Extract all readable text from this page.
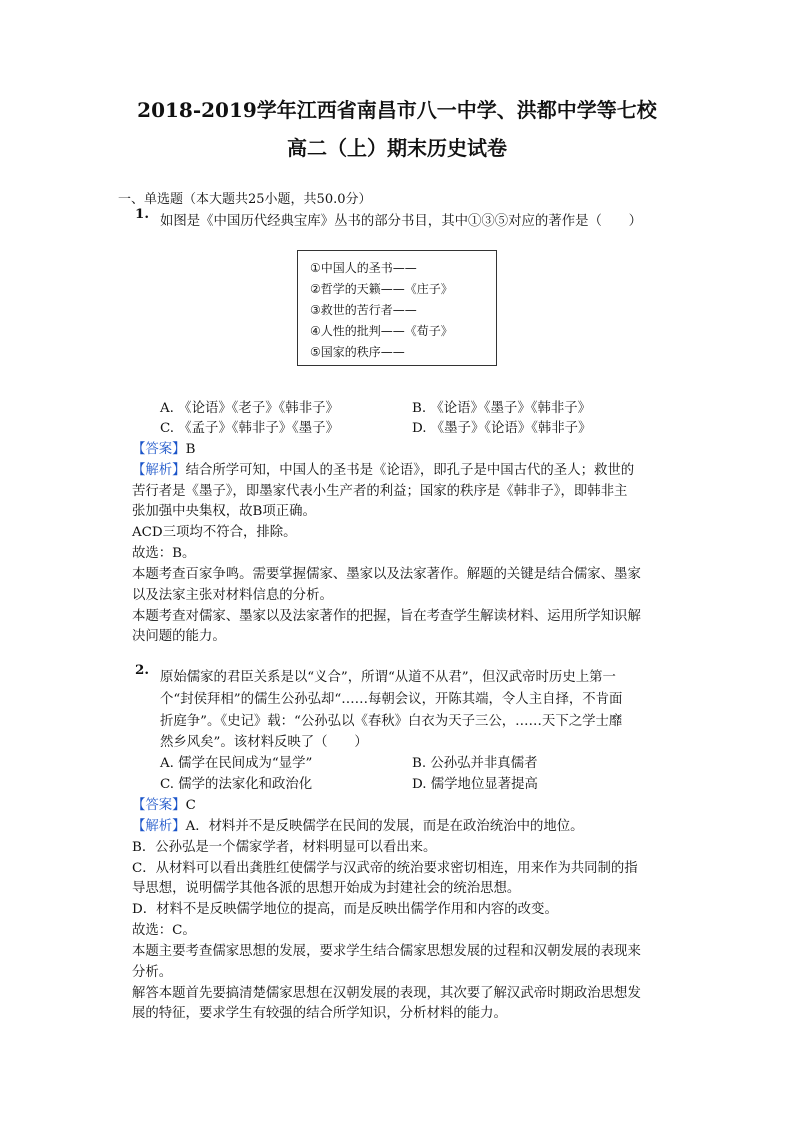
2018-2019学年江西省南昌市八一中学、洪都中学等七校
高二（上）期末历史试卷
一、单选题（本大题共25小题，共50.0分）
1. 如图是《中国历代经典宝库》丛书的部分书目，其中①③⑤对应的著作是（　　）
①中国人的圣书——
②哲学的天籁——《庄子》
③救世的苦行者——
④人性的批判——《荀子》
⑤国家的秩序——
A. 《论语》《老子》《韩非子》	B. 《论语》《墨子》《韩非子》
C. 《孟子》《韩非子》《墨子》	D. 《墨子》《论语》《韩非子》
【答案】B
【解析】结合所学可知，中国人的圣书是《论语》，即孔子是中国古代的圣人；救世的
苦行者是《墨子》，即墨家代表小生产者的利益；国家的秩序是《韩非子》，即韩非主
张加强中央集权，故B项正确。
ACD三项均不符合，排除。
故选：B。
本题考查百家争鸣。需要掌握儒家、墨家以及法家著作。解题的关键是结合儒家、墨家
以及法家主张对材料信息的分析。
本题考查对儒家、墨家以及法家著作的把握，旨在考查学生解读材料、运用所学知识解
决问题的能力。
2. 原始儒家的君臣关系是以“义合”，所谓“从道不从君”，但汉武帝时历史上第一
个“封侯拜相”的儒生公孙弘却“……每朝会议，开陈其端，令人主自择，不肯面
折庭争”。《史记》载：“公孙弘以《春秋》白衣为天子三公，……天下之学士靡
然乡风矣”。该材料反映了（　　）
A. 儒学在民间成为“显学”	B. 公孙弘并非真儒者
C. 儒学的法家化和政治化	D. 儒学地位显著提高
【答案】C
【解析】A．材料并不是反映儒学在民间的发展，而是在政治统治中的地位。
B．公孙弘是一个儒家学者，材料明显可以看出来。
C．从材料可以看出龚胜红使儒学与汉武帝的统治要求密切相连，用来作为共同制的指
导思想，说明儒学其他各派的思想开始成为封建社会的统治思想。
D．材料不是反映儒学地位的提高，而是反映出儒学作用和内容的改变。
故选：C。
本题主要考查儒家思想的发展，要求学生结合儒家思想发展的过程和汉朝发展的表现来
分析。
解答本题首先要搞清楚儒家思想在汉朝发展的表现，其次要了解汉武帝时期政治思想发
展的特征，要求学生有较强的结合所学知识，分析材料的能力。
